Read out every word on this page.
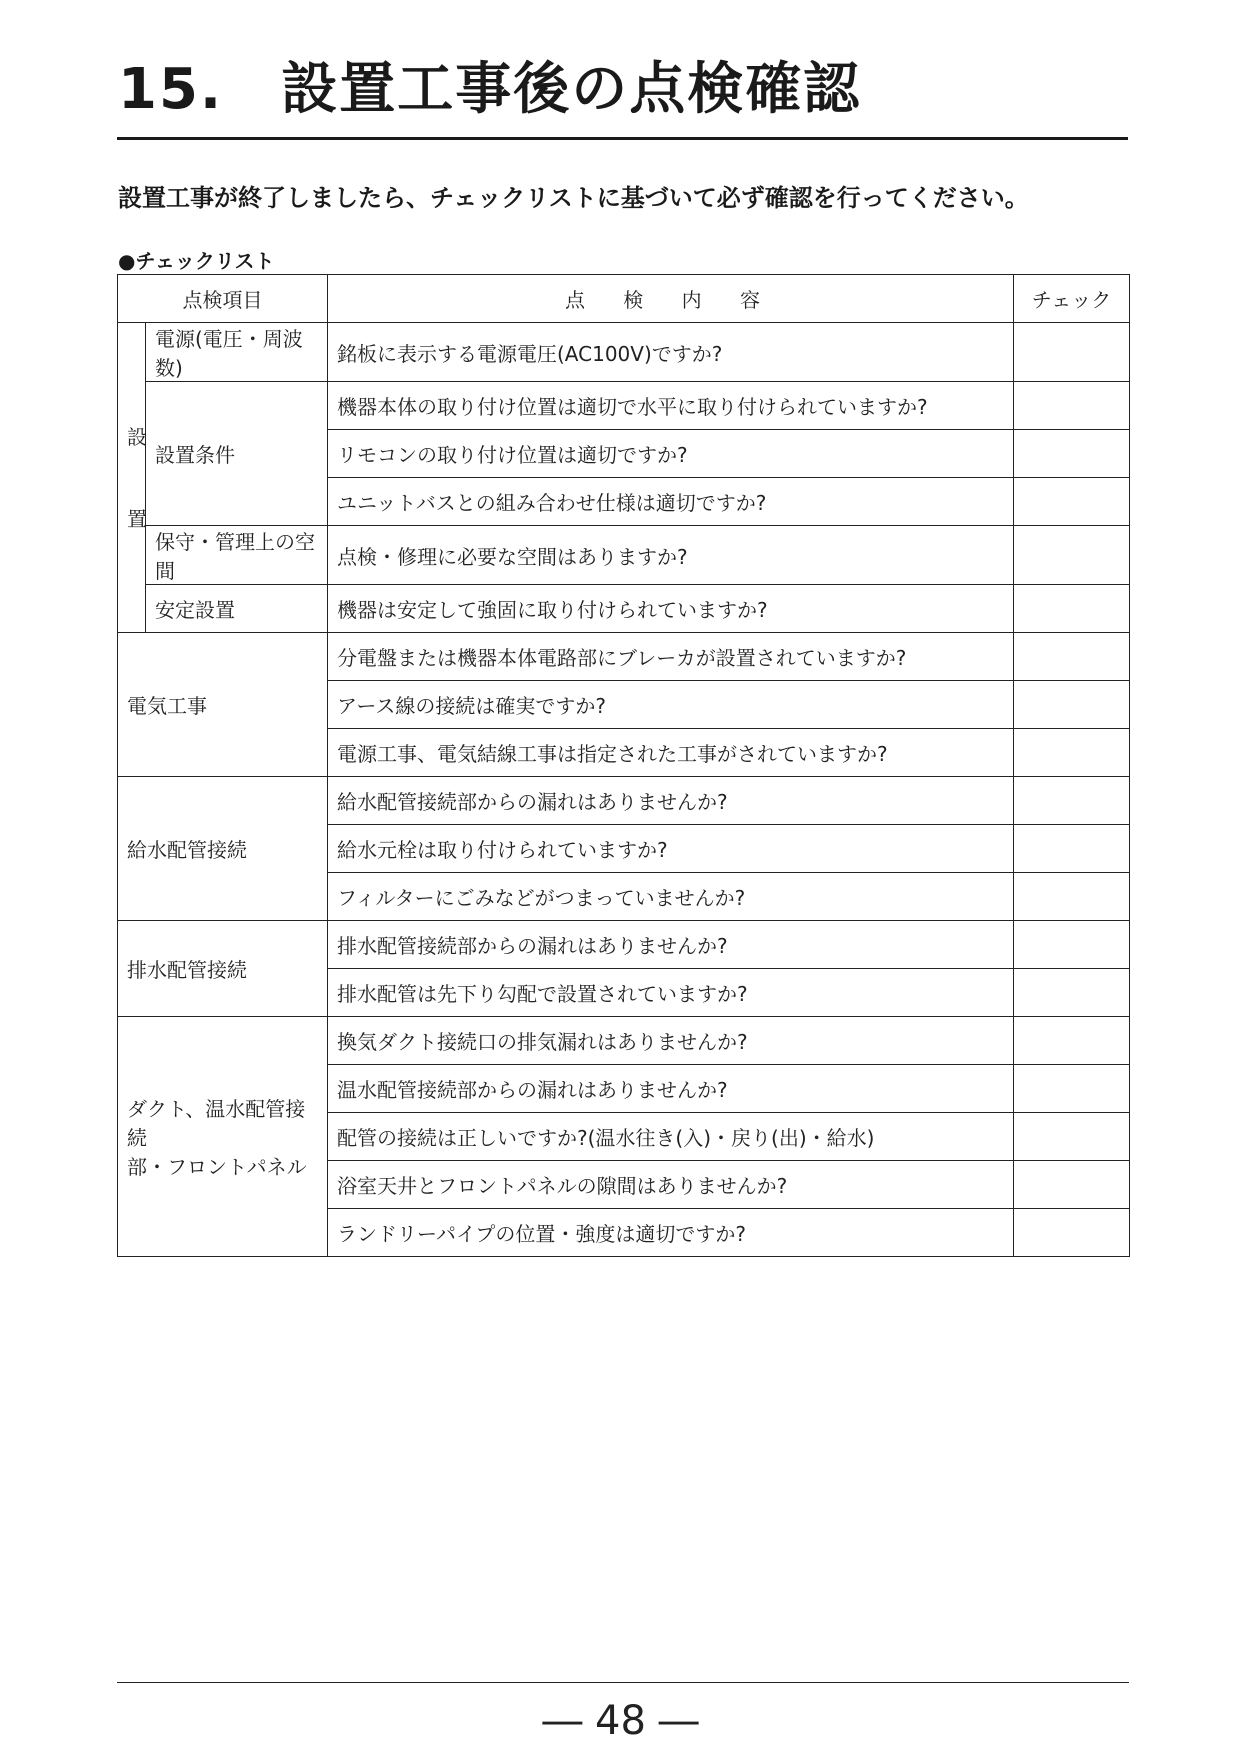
15.　設置工事後の点検確認

設置工事が終了しましたら、チェックリストに基づいて必ず確認を行ってください。

●チェックリスト

点検項目		点 検 内 容	チェック

設
置	電源(電圧・周波数)	銘板に表示する電源電圧(AC100V)ですか?	
	設置条件	機器本体の取り付け位置は適切で水平に取り付けられていますか?	
		リモコンの取り付け位置は適切ですか?	
		ユニットバスとの組み合わせ仕様は適切ですか?	
	保守・管理上の空間	点検・修理に必要な空間はありますか?	
	安定設置	機器は安定して強固に取り付けられていますか?	
電気工事		分電盤または機器本体電路部にブレーカが設置されていますか?	
		アース線の接続は確実ですか?	
		電源工事、電気結線工事は指定された工事がされていますか?	
給水配管接続		給水配管接続部からの漏れはありませんか?	
		給水元栓は取り付けられていますか?	
		フィルターにごみなどがつまっていませんか?	
排水配管接続		排水配管接続部からの漏れはありませんか?	
		排水配管は先下り勾配で設置されていますか?	

ダクト、温水配管接続
部・フロントパネル		換気ダクト接続口の排気漏れはありませんか?	
		温水配管接続部からの漏れはありませんか?	
		配管の接続は正しいですか?(温水往き(入)・戻り(出)・給水)	
		浴室天井とフロントパネルの隙間はありませんか?	
		ランドリーパイプの位置・強度は適切ですか?	

― 48 ―
